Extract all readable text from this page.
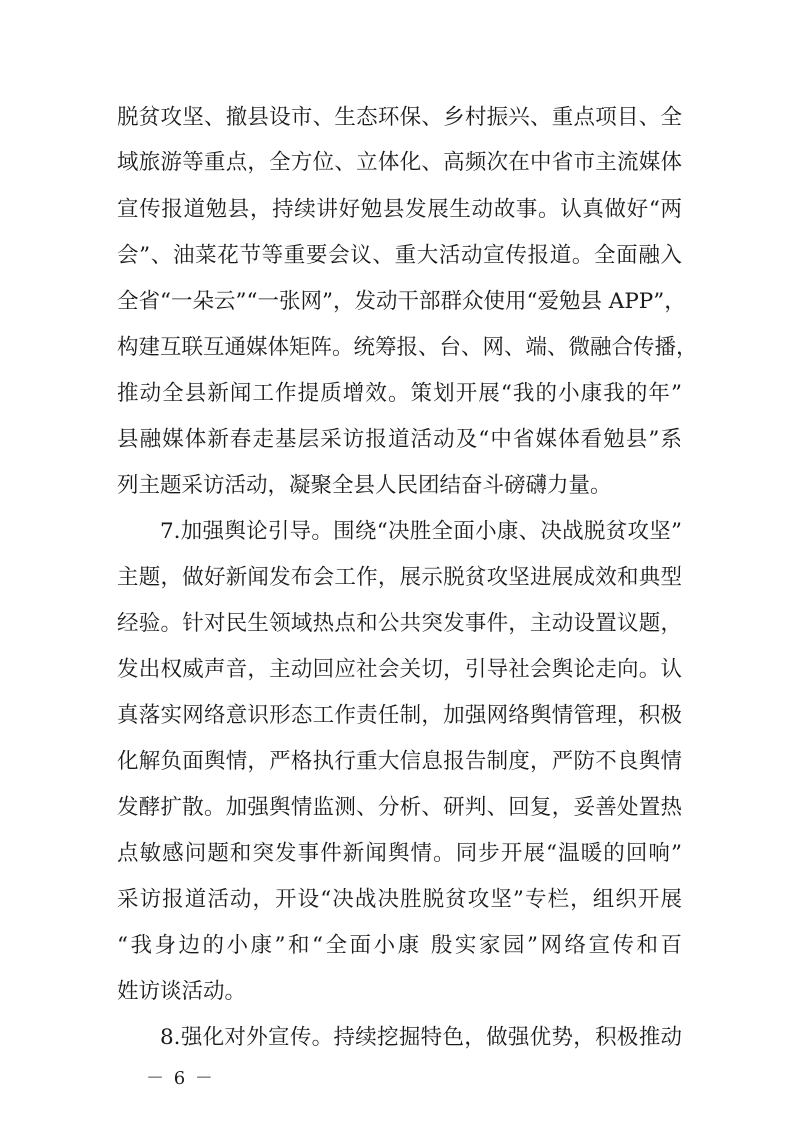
脱贫攻坚、撤县设市、生态环保、乡村振兴、重点项目、全
域旅游等重点，全方位、立体化、高频次在中省市主流媒体
宣传报道勉县，持续讲好勉县发展生动故事。认真做好“两
会”、油菜花节等重要会议、重大活动宣传报道。全面融入
全省“一朵云”“一张网”，发动干部群众使用“爱勉县 APP”，
构建互联互通媒体矩阵。统筹报、台、网、端、微融合传播，
推动全县新闻工作提质增效。策划开展“我的小康我的年”
县融媒体新春走基层采访报道活动及“中省媒体看勉县”系
列主题采访活动，凝聚全县人民团结奋斗磅礴力量。
7.加强舆论引导。围绕“决胜全面小康、决战脱贫攻坚”
主题，做好新闻发布会工作，展示脱贫攻坚进展成效和典型
经验。针对民生领域热点和公共突发事件，主动设置议题，
发出权威声音，主动回应社会关切，引导社会舆论走向。认
真落实网络意识形态工作责任制，加强网络舆情管理，积极
化解负面舆情，严格执行重大信息报告制度，严防不良舆情
发酵扩散。加强舆情监测、分析、研判、回复，妥善处置热
点敏感问题和突发事件新闻舆情。同步开展“温暖的回响”
采访报道活动，开设“决战决胜脱贫攻坚”专栏，组织开展
“我身边的小康”和“全面小康 殷实家园”网络宣传和百
姓访谈活动。
8.强化对外宣传。持续挖掘特色，做强优势，积极推动
－ 6 －
